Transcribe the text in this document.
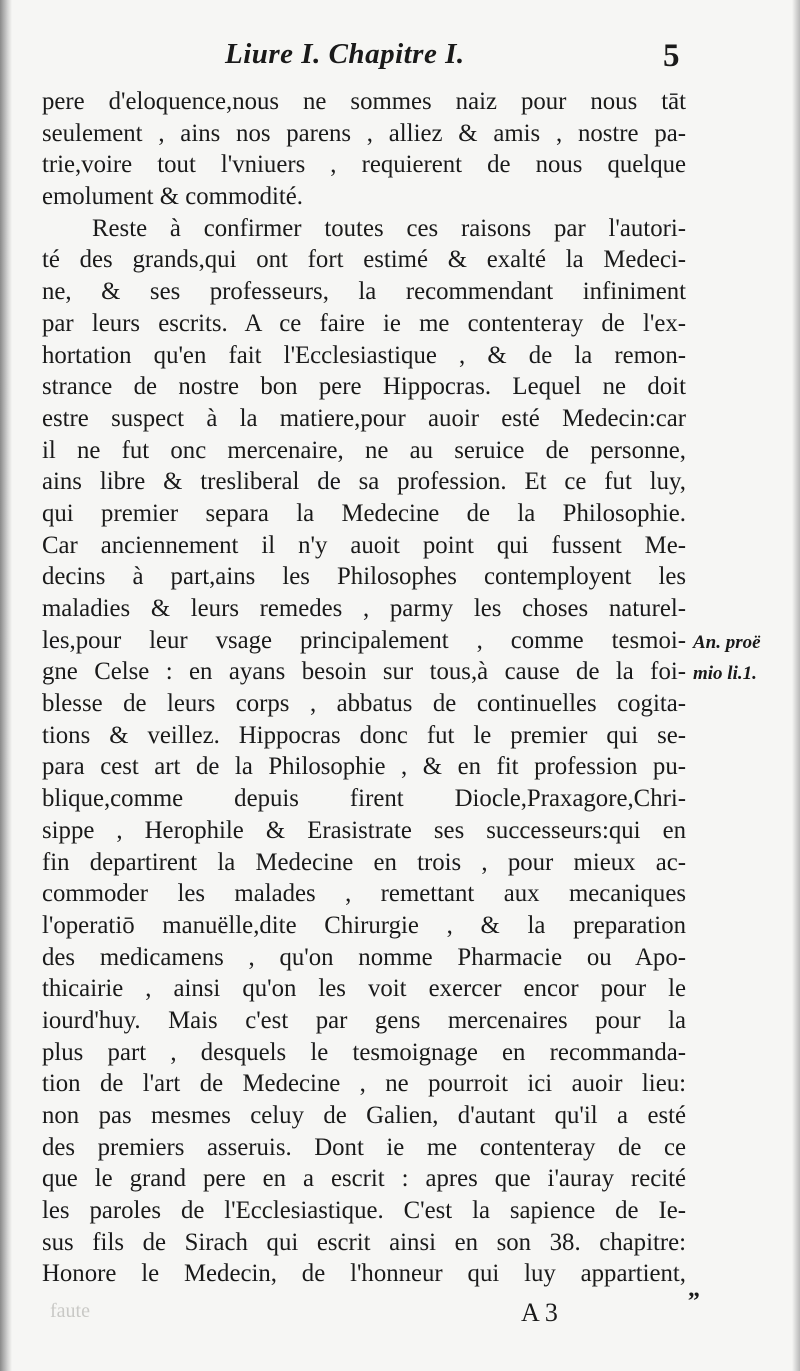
faute
Liure I. Chapitre I.	5
pere d'eloquence,nous ne sommes naiz pour nous tāt
seulement , ains nos parens , alliez & amis , nostre pa-
trie,voire tout l'vniuers , requierent de nous quelque
emolument & commodité.
Reste à confirmer toutes ces raisons par l'autori-
té des grands,qui ont fort estimé & exalté la Medeci-
ne, & ses professeurs, la recommendant infiniment
par leurs escrits. A ce faire ie me contenteray de l'ex-
hortation qu'en fait l'Ecclesiastique , & de la remon-
strance de nostre bon pere Hippocras. Lequel ne doit
estre suspect à la matiere,pour auoir esté Medecin:car
il ne fut onc mercenaire, ne au seruice de personne,
ains libre & tresliberal de sa profession. Et ce fut luy,
qui premier separa la Medecine de la Philosophie.
Car anciennement il n'y auoit point qui fussent Me-
decins à part,ains les Philosophes contemployent les
maladies & leurs remedes , parmy les choses naturel-
les,pour leur vsage principalement , comme tesmoi-
gne Celse : en ayans besoin sur tous,à cause de la foi-
blesse de leurs corps , abbatus de continuelles cogita-
tions & veillez. Hippocras donc fut le premier qui se-
para cest art de la Philosophie , & en fit profession pu-
blique,comme depuis firent Diocle,Praxagore,Chri-
sippe , Herophile & Erasistrate ses successeurs:qui en
fin departirent la Medecine en trois , pour mieux ac-
commoder les malades , remettant aux mecaniques
l'operatiō manuëlle,dite Chirurgie , & la preparation
des medicamens , qu'on nomme Pharmacie ou Apo-
thicairie , ainsi qu'on les voit exercer encor pour le
iourd'huy. Mais c'est par gens mercenaires pour la
plus part , desquels le tesmoignage en recommanda-
tion de l'art de Medecine , ne pourroit ici auoir lieu:
non pas mesmes celuy de Galien, d'autant qu'il a esté
des premiers asseruis. Dont ie me contenteray de ce
que le grand pere en a escrit : apres que i'auray recité
les paroles de l'Ecclesiastique. C'est la sapience de Ie-
sus fils de Sirach qui escrit ainsi en son 38. chapitre:
Honore le Medecin, de l'honneur qui luy appartient,
An. proë
mio li.1.
„
A 3
